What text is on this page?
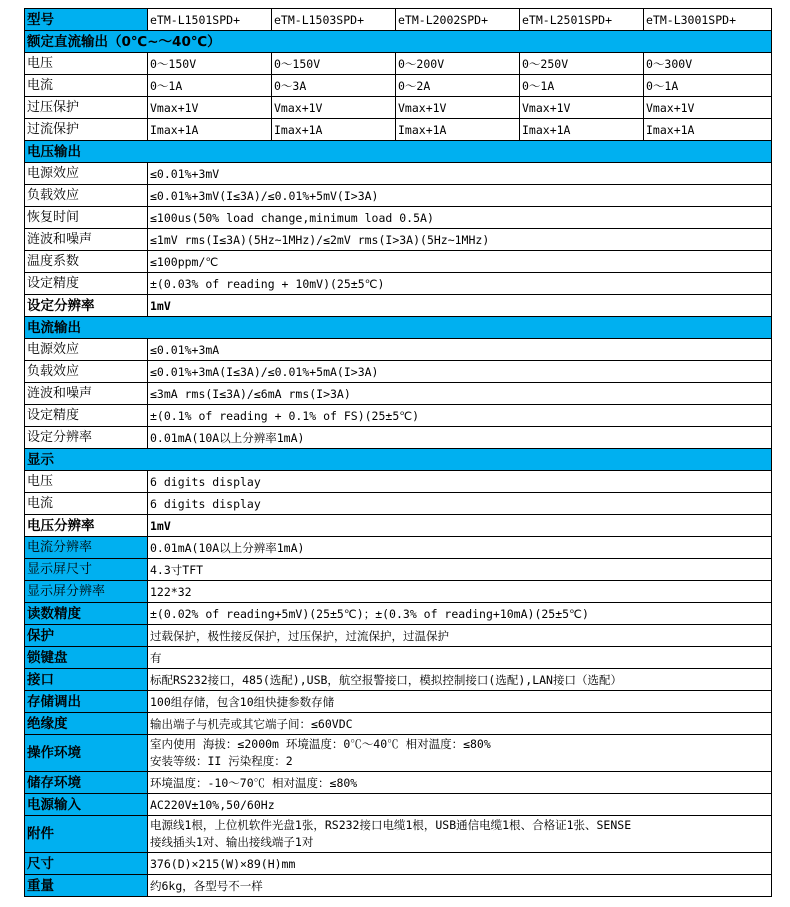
型号	eTM-L1501SPD+	eTM-L1503SPD+	eTM-L2002SPD+	eTM-L2501SPD+	eTM-L3001SPD+
额定直流输出（0℃~～40℃）					
电压	0～150V	0～150V	0～200V	0～250V	0～300V
电流	0～1A	0～3A	0～2A	0～1A	0～1A
过压保护	Vmax+1V	Vmax+1V	Vmax+1V	Vmax+1V	Vmax+1V
过流保护	Imax+1A	Imax+1A	Imax+1A	Imax+1A	Imax+1A
电压输出					
电源效应	≤0.01%+3mV				
负载效应	≤0.01%+3mV(I≤3A)/≤0.01%+5mV(I>3A)				
恢复时间	≤100us(50% load change,minimum load 0.5A)				
涟波和噪声	≤1mV rms(I≤3A)(5Hz~1MHz)/≤2mV rms(I>3A)(5Hz~1MHz)				
温度系数	≤100ppm/℃				
设定精度	±(0.03% of reading + 10mV)(25±5℃)				
设定分辨率	1mV				
电流输出					
电源效应	≤0.01%+3mA				
负载效应	≤0.01%+3mA(I≤3A)/≤0.01%+5mA(I>3A)				
涟波和噪声	≤3mA rms(I≤3A)/≤6mA rms(I>3A)				
设定精度	±(0.1% of reading + 0.1% of FS)(25±5℃)				
设定分辨率	0.01mA(10A以上分辨率1mA)				
显示					
电压	6 digits display				
电流	6 digits display				
电压分辨率	1mV				
电流分辨率	0.01mA(10A以上分辨率1mA)				
显示屏尺寸	4.3寸TFT				
显示屏分辨率	122*32				
读数精度	±(0.02% of reading+5mV)(25±5℃)；±(0.3% of reading+10mA)(25±5℃)				
保护	过载保护，极性接反保护，过压保护，过流保护，过温保护				
锁键盘	有				
接口	标配RS232接口，485(选配),USB，航空报警接口，模拟控制接口(选配),LAN接口（选配）				
存储调出	100组存储，包含10组快捷参数存储				
绝缘度	输出端子与机壳或其它端子间：≤60VDC				
操作环境	室内使用 海拔：≤2000m 环境温度：0℃～40℃ 相对温度：≤80%
安装等级：II 污染程度：2				

储存环境	环境温度：-10～70℃ 相对温度：≤80%				
电源输入	AC220V±10%,50/60Hz				
附件	电源线1根，上位机软件光盘1张，RS232接口电缆1根，USB通信电缆1根、合格证1张、SENSE
接线插头1对、输出接线端子1对				

尺寸	376(D)×215(W)×89(H)mm				
重量	约6kg，各型号不一样				
